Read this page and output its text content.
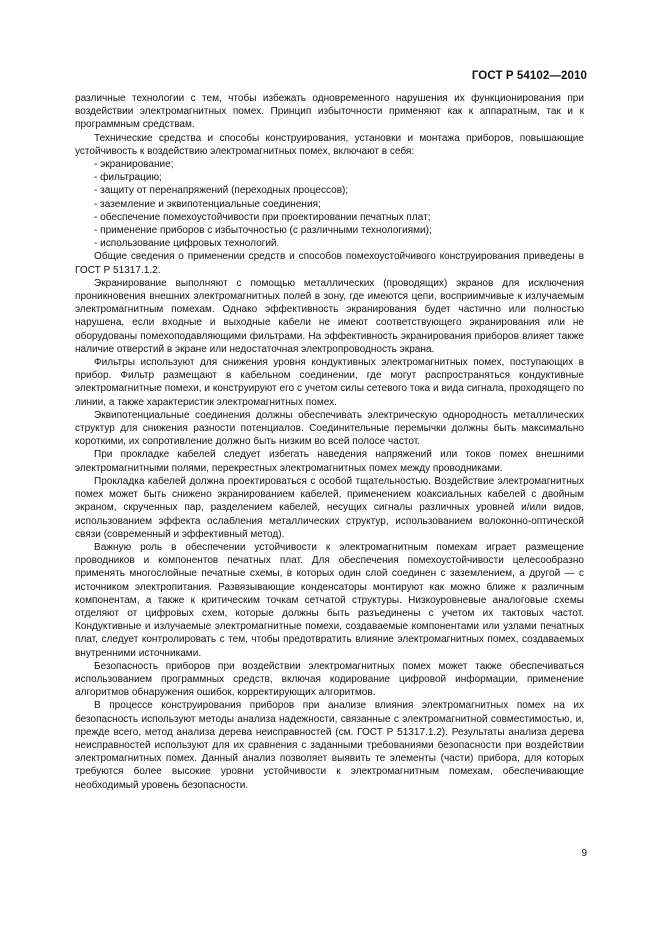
ГОСТ Р 54102—2010

различные технологии с тем, чтобы избежать одновременного нарушения их функционирования при воздействии электромагнитных помех. Принцип избыточности применяют как к аппаратным, так и к программным средствам.

Технические средства и способы конструирования, установки и монтажа приборов, повышающие устойчивость к воздействию электромагнитных помех, включают в себя:

- экранирование;
- фильтрацию;
- защиту от перенапряжений (переходных процессов);
- заземление и эквипотенциальные соединения;
- обеспечение помехоустойчивости при проектировании печатных плат;
- применение приборов с избыточностью (с различными технологиями);
- использование цифровых технологий.

Общие сведения о применении средств и способов помехоустойчивого конструирования приведены в ГОСТ Р 51317.1.2.

Экранирование выполняют с помощью металлических (проводящих) экранов для исключения проникновения внешних электромагнитных полей в зону, где имеются цепи, восприимчивые к излучаемым электромагнитным помехам. Однако эффективность экранирования будет частично или полностью нарушена, если входные и выходные кабели не имеют соответствующего экранирования или не оборудованы помехоподавляющими фильтрами. На эффективность экранирования приборов влияет также наличие отверстий в экране или недостаточная электропроводность экрана.

Фильтры используют для снижения уровня кондуктивных электромагнитных помех, поступающих в прибор. Фильтр размещают в кабельном соединении, где могут распространяться кондуктивные электромагнитные помехи, и конструируют его с учетом силы сетевого тока и вида сигнала, проходящего по линии, а также характеристик электромагнитных помех.

Эквипотенциальные соединения должны обеспечивать электрическую однородность металлических структур для снижения разности потенциалов. Соединительные перемычки должны быть максимально короткими, их сопротивление должно быть низким во всей полосе частот.

При прокладке кабелей следует избегать наведения напряжений или токов помех внешними электромагнитными полями, перекрестных электромагнитных помех между проводниками.

Прокладка кабелей должна проектироваться с особой тщательностью. Воздействие электромагнитных помех может быть снижено экранированием кабелей, применением коаксиальных кабелей с двойным экраном, скрученных пар, разделением кабелей, несущих сигналы различных уровней и/или видов, использованием эффекта ослабления металлических структур, использованием волоконно-оптической связи (современный и эффективный метод).

Важную роль в обеспечении устойчивости к электромагнитным помехам играет размещение проводников и компонентов печатных плат. Для обеспечения помехоустойчивости целесообразно применять многослойные печатные схемы, в которых один слой соединен с заземлением, а другой — с источником электропитания. Развязывающие конденсаторы монтируют как можно ближе к различным компонентам, а также к критическим точкам сетчатой структуры. Низкоуровневые аналоговые схемы отделяют от цифровых схем, которые должны быть разъединены с учетом их тактовых частот. Кондуктивные и излучаемые электромагнитные помехи, создаваемые компонентами или узлами печатных плат, следует контролировать с тем, чтобы предотвратить влияние электромагнитных помех, создаваемых внутренними источниками.

Безопасность приборов при воздействии электромагнитных помех может также обеспечиваться использованием программных средств, включая кодирование цифровой информации, применение алгоритмов обнаружения ошибок, корректирующих алгоритмов.

В процессе конструирования приборов при анализе влияния электромагнитных помех на их безопасность используют методы анализа надежности, связанные с электромагнитной совместимостью, и, прежде всего, метод анализа дерева неисправностей (см. ГОСТ Р 51317.1.2). Результаты анализа дерева неисправностей используют для их сравнения с заданными требованиями безопасности при воздействии электромагнитных помех. Данный анализ позволяет выявить те элементы (части) прибора, для которых требуются более высокие уровни устойчивости к электромагнитным помехам, обеспечивающие необходимый уровень безопасности.

9
